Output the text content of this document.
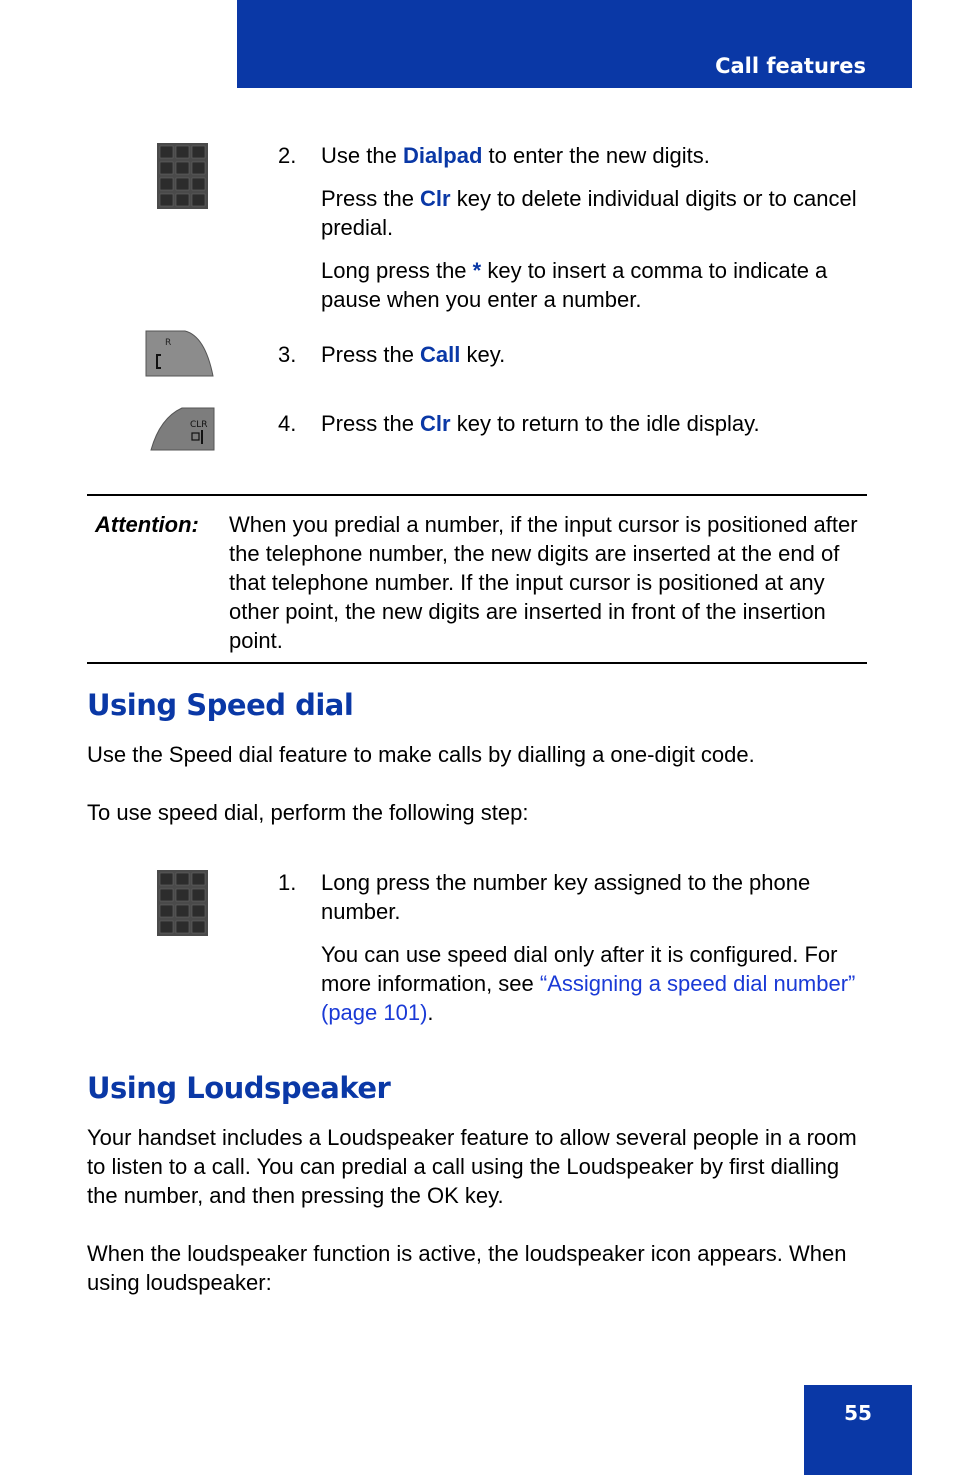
Call features
R
CLR
2. Use the Dialpad to enter the new digits.

Press the Clr key to delete individual digits or to cancel predial.

Long press the * key to insert a comma to indicate a pause when you enter a number.

3. Press the Call key.

4. Press the Clr key to return to the idle display.

Attention: When you predial a number, if the input cursor is positioned after the telephone number, the new digits are inserted at the end of that telephone number. If the input cursor is positioned at any other point, the new digits are inserted in front of the insertion point.
Using Speed dial

Use the Speed dial feature to make calls by dialling a one-digit code.

To use speed dial, perform the following step:

1. Long press the number key assigned to the phone number.

You can use speed dial only after it is configured. For more information, see “Assigning a speed dial number” (page 101).

Using Loudspeaker

Your handset includes a Loudspeaker feature to allow several people in a room to listen to a call. You can predial a call using the Loudspeaker by first dialling the number, and then pressing the OK key.

When the loudspeaker function is active, the loudspeaker icon appears. When using loudspeaker:

55
